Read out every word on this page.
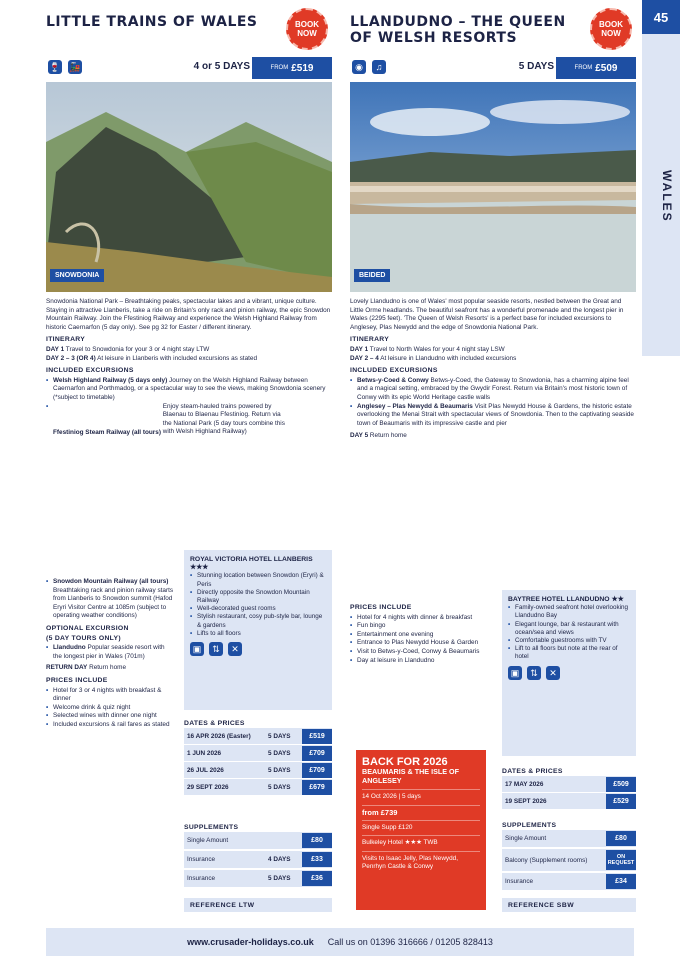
45
WALES
LITTLE TRAINS OF WALES	BOOK NOW
🍷 🚂	4 or 5 DAYS	FROM £519
SNOWDONIA

Snowdonia National Park – Breathtaking peaks, spectacular lakes and a vibrant, unique culture. Staying in attractive Llanberis, take a ride on Britain's only rack and pinion railway, the epic Snowdon Mountain Railway. Join the Ffestiniog Railway and experience the Welsh Highland Railway from historic Caernarfon (5 day only). See pg 32 for Easter / different itinerary.

ITINERARY

DAY 1 Travel to Snowdonia for your 3 or 4 night stay LTW

DAY 2 – 3 (OR 4) At leisure in Llanberis with included excursions as stated

INCLUDED EXCURSIONS

• Welsh Highland Railway (5 days only) Journey on the Welsh Highland Railway between Caernarfon and Porthmadog, or a spectacular way to see the views, making Snowdonia scenery (*subject to timetable)

• Ffestiniog Steam Railway (all tours) Enjoy steam-hauled trains powered by Blaenau to Blaenau Ffestiniog. Return via the National Park (5 day tours combine this with Welsh Highland Railway)

• Snowdon Mountain Railway (all tours) Breathtaking rack and pinion railway starts from Llanberis to Snowdon summit (Hafod Eryri Visitor Centre at 1085m (subject to operating weather conditions)

OPTIONAL EXCURSION
(5 DAY TOURS ONLY)

• Llandudno Popular seaside resort with the longest pier in Wales (701m)

RETURN DAY Return home

PRICES INCLUDE

• Hotel for 3 or 4 nights with breakfast & dinner

• Welcome drink & quiz night

• Selected wines with dinner one night

• Included excursions & rail fares as stated

ROYAL VICTORIA HOTEL LLANBERIS ★★★

• Stunning location between Snowdon (Eryri) & Peris

• Directly opposite the Snowdon Mountain Railway

• Well-decorated guest rooms

• Stylish restaurant, cosy pub-style bar, lounge & gardens

• Lifts to all floors

▣	⇅	✕
DATES & PRICES
16 APR 2026 (Easter)	5 DAYS	£519
1 JUN 2026	5 DAYS	£709
26 JUL 2026	5 DAYS	£709
29 SEPT 2026	5 DAYS	£679
SUPPLEMENTS
Single Amount	£80
Insurance	4 DAYS	£33
Insurance	5 DAYS	£36
REFERENCE LTW
LLANDUDNO – THE QUEEN OF WELSH RESORTS
BOOK NOW
◉	♫	5 DAYS	FROM £509
BEIDED

Lovely Llandudno is one of Wales' most popular seaside resorts, nestled between the Great and Little Orme headlands. The beautiful seafront has a wonderful promenade and the longest pier in Wales (2295 feet). 'The Queen of Welsh Resorts' is a perfect base for included excursions to Anglesey, Plas Newydd and the edge of Snowdonia National Park.

ITINERARY

DAY 1 Travel to North Wales for your 4 night stay LSW

DAY 2 – 4 At leisure in Llandudno with included excursions

INCLUDED EXCURSIONS

• Betws-y-Coed & Conwy Betws-y-Coed, the Gateway to Snowdonia, has a charming alpine feel and a magical setting, embraced by the Gwydir Forest. Return via Britain's most historic town of Conwy with its epic World Heritage castle walls

• Anglesey – Plas Newydd & Beaumaris Visit Plas Newydd House & Gardens, the historic estate overlooking the Menai Strait with spectacular views of Snowdonia. Then to the captivating seaside town of Beaumaris with its impressive castle and pier

DAY 5 Return home

PRICES INCLUDE

• Hotel for 4 nights with dinner & breakfast

• Fun bingo

• Entertainment one evening

• Entrance to Plas Newydd House & Garden

• Visit to Betws-y-Coed, Conwy & Beaumaris

• Day at leisure in Llandudno

BACK FOR 2026
BEAUMARIS & THE ISLE OF ANGLESEY
14 Oct 2026 | 5 days
from £739
Single Supp £120
Bulkeley Hotel ★★★ TWB
Visits to Isaac Jelly, Plas Newydd, Penrhyn Castle & Conwy
BAYTREE HOTEL LLANDUDNO ★★

• Family-owned seafront hotel overlooking Llandudno Bay

• Elegant lounge, bar & restaurant with ocean/sea and views

• Comfortable guestrooms with TV

• Lift to all floors but note at the rear of hotel

▣	⇅	✕
DATES & PRICES
17 MAY 2026	£509
19 SEPT 2026	£529
SUPPLEMENTS
Single Amount	£80
Balcony (Supplement rooms)	ON REQUEST
Insurance	£34
REFERENCE SBW
www.crusader-holidays.co.uk Call us on 01396 316666 / 01205 828413
